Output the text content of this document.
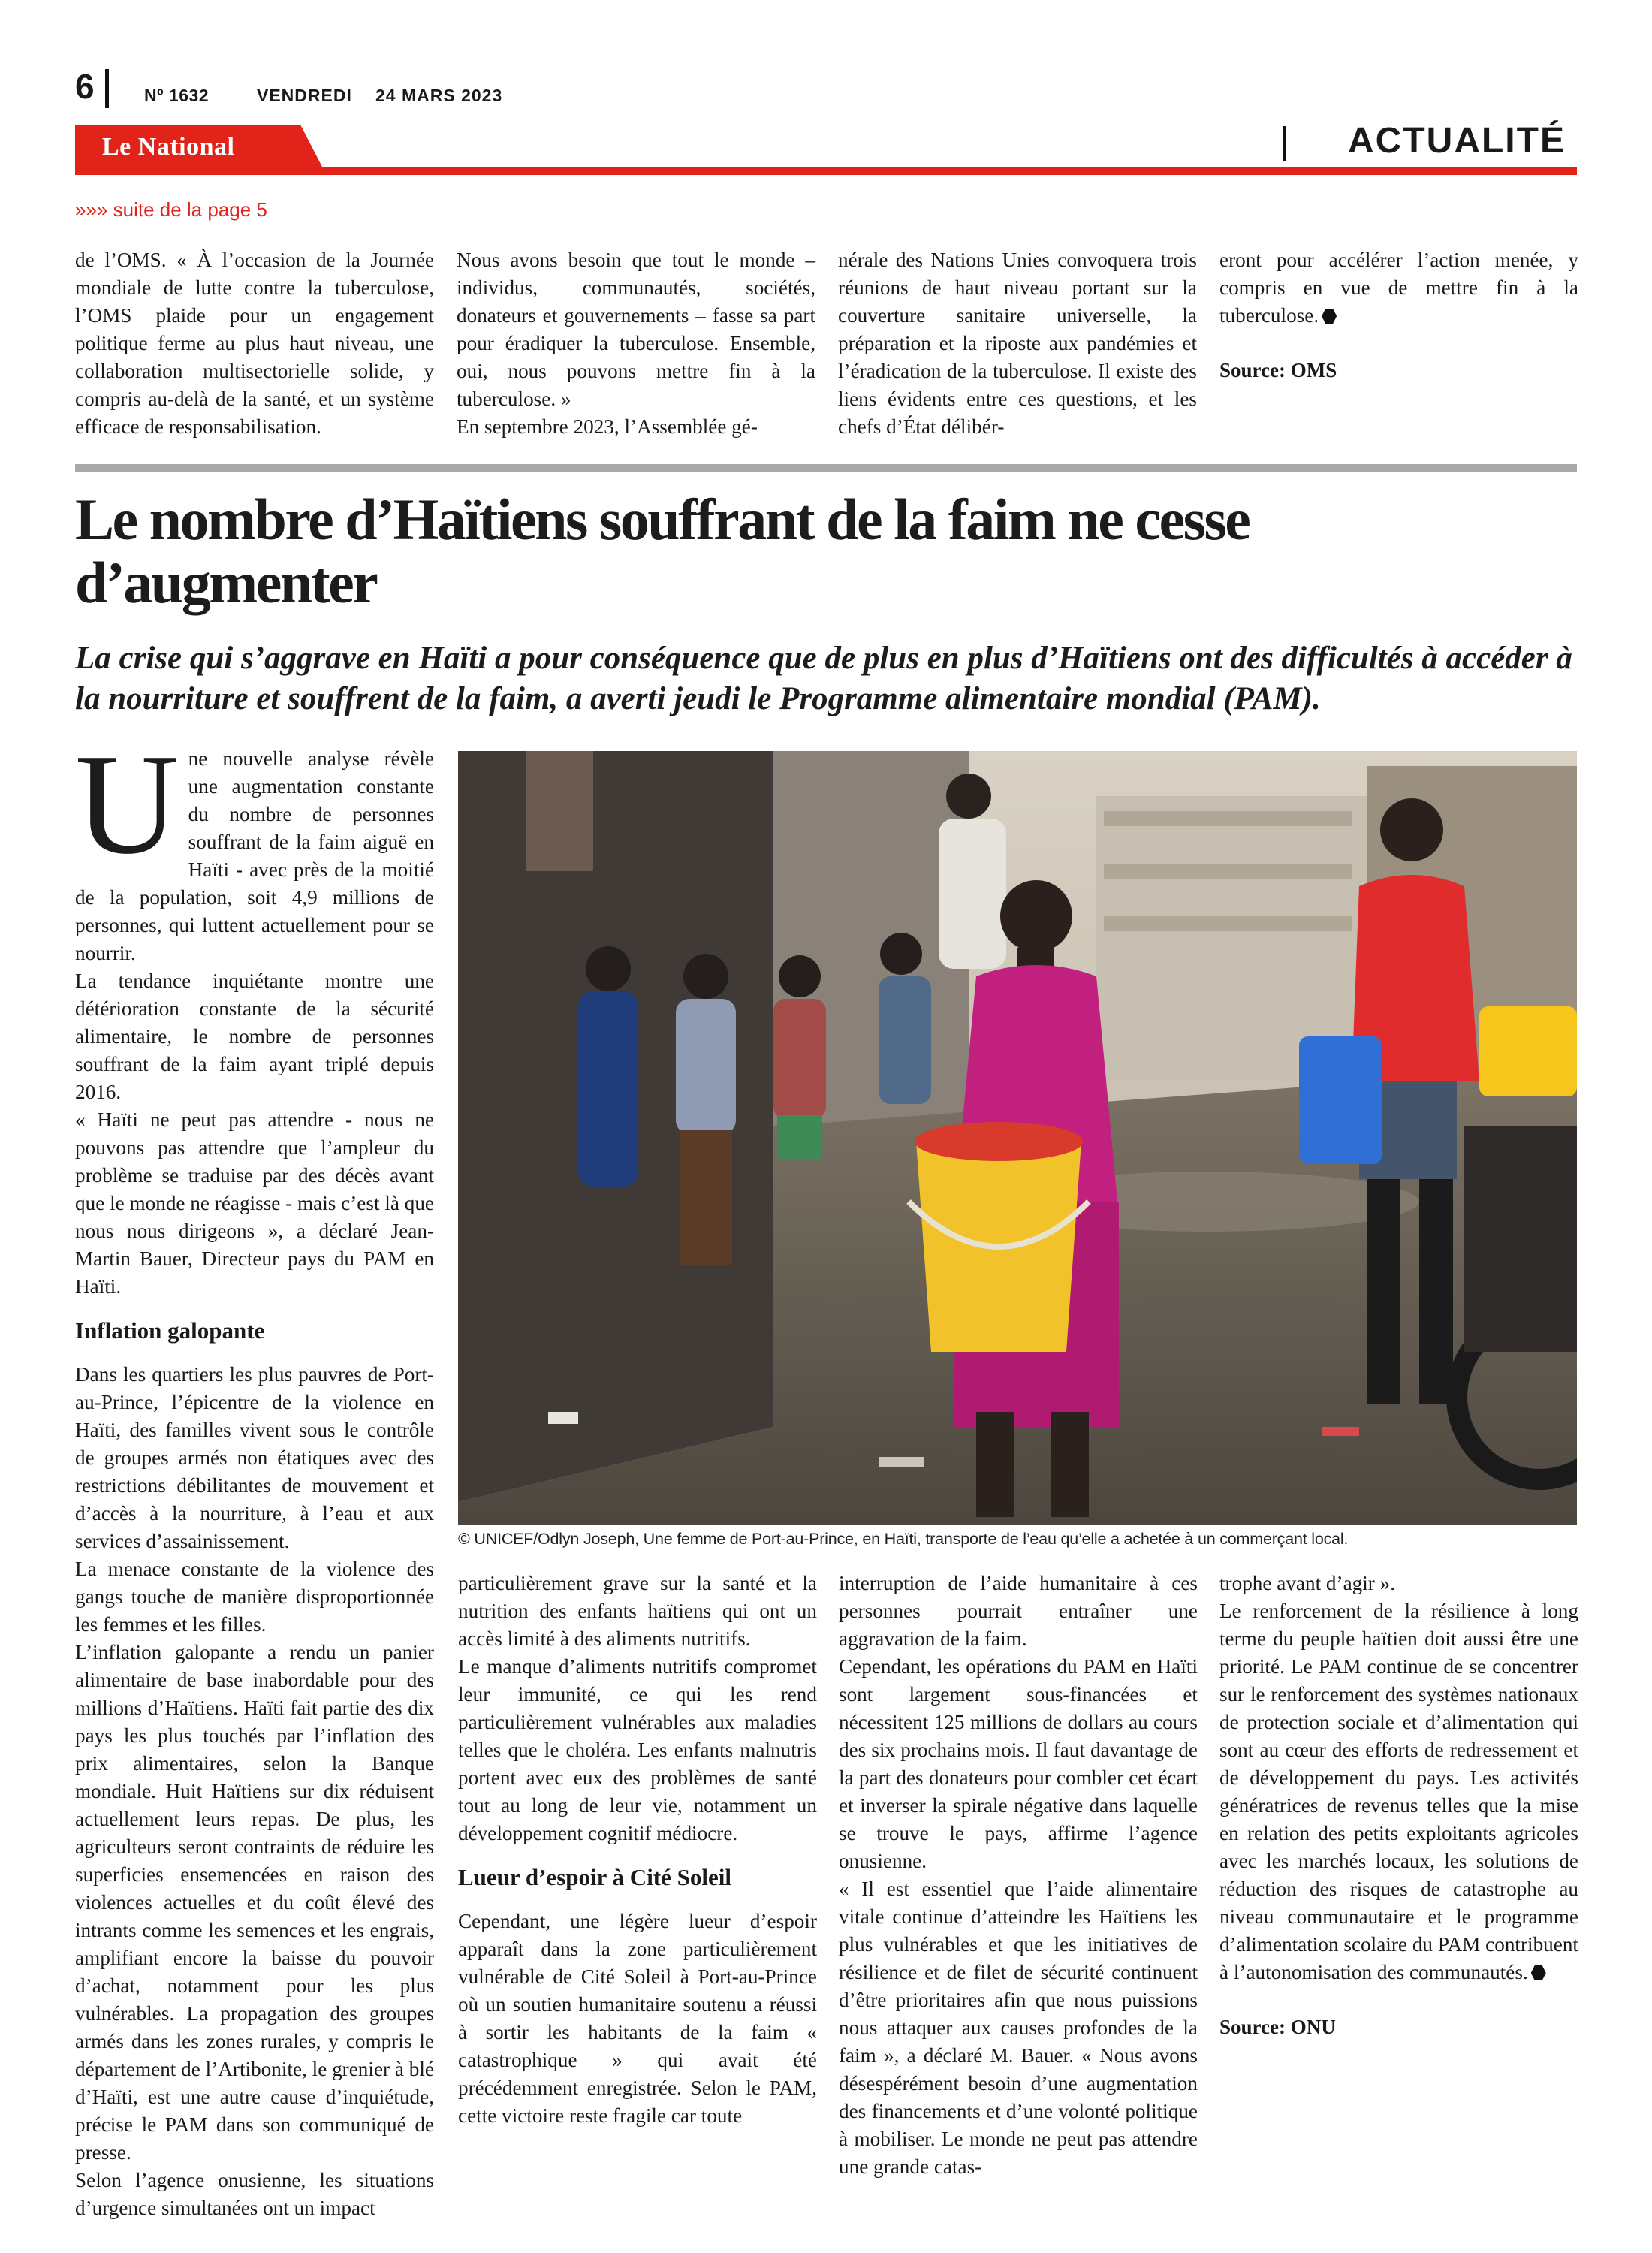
6	Nº 1632	VENDREDI 24 MARS 2023
Le National	ACTUALITÉ
»»» suite de la page 5

de l’OMS. « À l’occasion de la Journée mondiale de lutte contre la tuberculose, l’OMS plaide pour un engagement politique ferme au plus haut niveau, une collaboration multisectorielle solide, y compris au-delà de la santé, et un système efficace de responsabilisation.

Nous avons besoin que tout le monde – individus, communautés, sociétés, donateurs et gouvernements – fasse sa part pour éradiquer la tuberculose. Ensemble, oui, nous pouvons mettre fin à la tuberculose. »

En septembre 2023, l’Assemblée gé-

nérale des Nations Unies convoquera trois réunions de haut niveau portant sur la couverture sanitaire universelle, la préparation et la riposte aux pandémies et l’éradication de la tuberculose. Il existe des liens évidents entre ces questions, et les chefs d’État délibér-

eront pour accélérer l’action menée, y compris en vue de mettre fin à la tuberculose.

Source: OMS

Le nombre d’Haïtiens souffrant de la faim ne cesse d’augmenter

La crise qui s’aggrave en Haïti a pour conséquence que de plus en plus d’Haïtiens ont des difficultés à accéder à la nourriture et souffrent de la faim, a averti jeudi le Programme alimentaire mondial (PAM).

Une nouvelle analyse révèle une augmentation constante du nombre de personnes souffrant de la faim aiguë en Haïti - avec près de la moitié de la population, soit 4,9 millions de personnes, qui luttent actuellement pour se nourrir.

La tendance inquiétante montre une détérioration constante de la sécurité alimentaire, le nombre de personnes souffrant de la faim ayant triplé depuis 2016.

« Haïti ne peut pas attendre - nous ne pouvons pas attendre que l’ampleur du problème se traduise par des décès avant que le monde ne réagisse - mais c’est là que nous nous dirigeons », a déclaré Jean-Martin Bauer, Directeur pays du PAM en Haïti.

Inflation galopante

Dans les quartiers les plus pauvres de Port-au-Prince, l’épicentre de la violence en Haïti, des familles vivent sous le contrôle de groupes armés non étatiques avec des restrictions débilitantes de mouvement et d’accès à la nourriture, à l’eau et aux services d’assainissement.

La menace constante de la violence des gangs touche de manière disproportionnée les femmes et les filles.

L’inflation galopante a rendu un panier alimentaire de base inabordable pour des millions d’Haïtiens. Haïti fait partie des dix pays les plus touchés par l’inflation des prix alimentaires, selon la Banque mondiale. Huit Haïtiens sur dix réduisent actuellement leurs repas. De plus, les agriculteurs seront contraints de réduire les superficies ensemencées en raison des violences actuelles et du coût élevé des intrants comme les semences et les engrais, amplifiant encore la baisse du pouvoir d’achat, notamment pour les plus vulnérables. La propagation des groupes armés dans les zones rurales, y compris le département de l’Artibonite, le grenier à blé d’Haïti, est une autre cause d’inquiétude, précise le PAM dans son communiqué de presse.

Selon l’agence onusienne, les situations d’urgence simultanées ont un impact

© UNICEF/Odlyn Joseph, Une femme de Port-au-Prince, en Haïti, transporte de l’eau qu’elle a achetée à un commerçant local.

particulièrement grave sur la santé et la nutrition des enfants haïtiens qui ont un accès limité à des aliments nutritifs.

Le manque d’aliments nutritifs compromet leur immunité, ce qui les rend particulièrement vulnérables aux maladies telles que le choléra. Les enfants malnutris portent avec eux des problèmes de santé tout au long de leur vie, notamment un développement cognitif médiocre.

Lueur d’espoir à Cité Soleil

Cependant, une légère lueur d’espoir apparaît dans la zone particulièrement vulnérable de Cité Soleil à Port-au-Prince où un soutien humanitaire soutenu a réussi à sortir les habitants de la faim « catastrophique » qui avait été précédemment enregistrée. Selon le PAM, cette victoire reste fragile car toute

interruption de l’aide humanitaire à ces personnes pourrait entraîner une aggravation de la faim.

Cependant, les opérations du PAM en Haïti sont largement sous-financées et nécessitent 125 millions de dollars au cours des six prochains mois. Il faut davantage de la part des donateurs pour combler cet écart et inverser la spirale négative dans laquelle se trouve le pays, affirme l’agence onusienne.

« Il est essentiel que l’aide alimentaire vitale continue d’atteindre les Haïtiens les plus vulnérables et que les initiatives de résilience et de filet de sécurité continuent d’être prioritaires afin que nous puissions nous attaquer aux causes profondes de la faim », a déclaré M. Bauer. « Nous avons désespérément besoin d’une augmentation des financements et d’une volonté politique à mobiliser. Le monde ne peut pas attendre une grande catas-

trophe avant d’agir ».

Le renforcement de la résilience à long terme du peuple haïtien doit aussi être une priorité. Le PAM continue de se concentrer sur le renforcement des systèmes nationaux de protection sociale et d’alimentation qui sont au cœur des efforts de redressement et de développement du pays. Les activités génératrices de revenus telles que la mise en relation des petits exploitants agricoles avec les marchés locaux, les solutions de réduction des risques de catastrophe au niveau communautaire et le programme d’alimentation scolaire du PAM contribuent à l’autonomisation des communautés.

Source: ONU
